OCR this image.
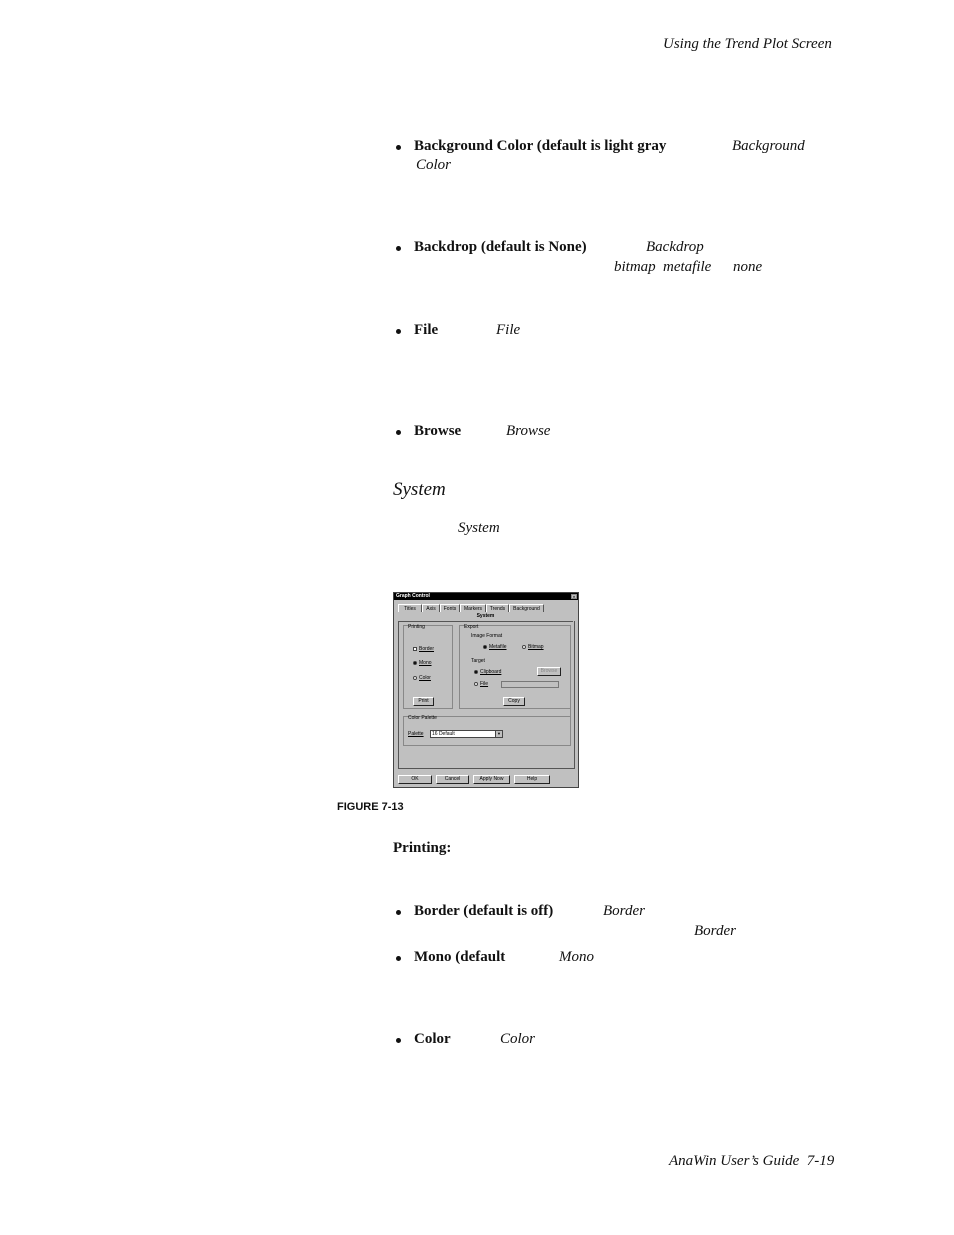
Using the Trend Plot Screen
Background Color (default is light gray	Background
Color
Backdrop (default is None)	Backdrop
bitmap metafile none
File	File
Browse	Browse
System
System
Graph Control	×
Titles	Axis	Fonts	Markers	Trends	Background
System
Printing
Border
Mono
Color
Print
Export
Image Format
Metafile	Bitmap
Target
Clipboard	Browse
File
Copy
Color Palette
Palette	16 Default	▼
OK	Cancel	Apply Now	Help
FIGURE 7-13
Printing:
Border (default is off)	Border
Border
Mono (default	Mono
Color	Color
AnaWin User’s Guide  7-19
